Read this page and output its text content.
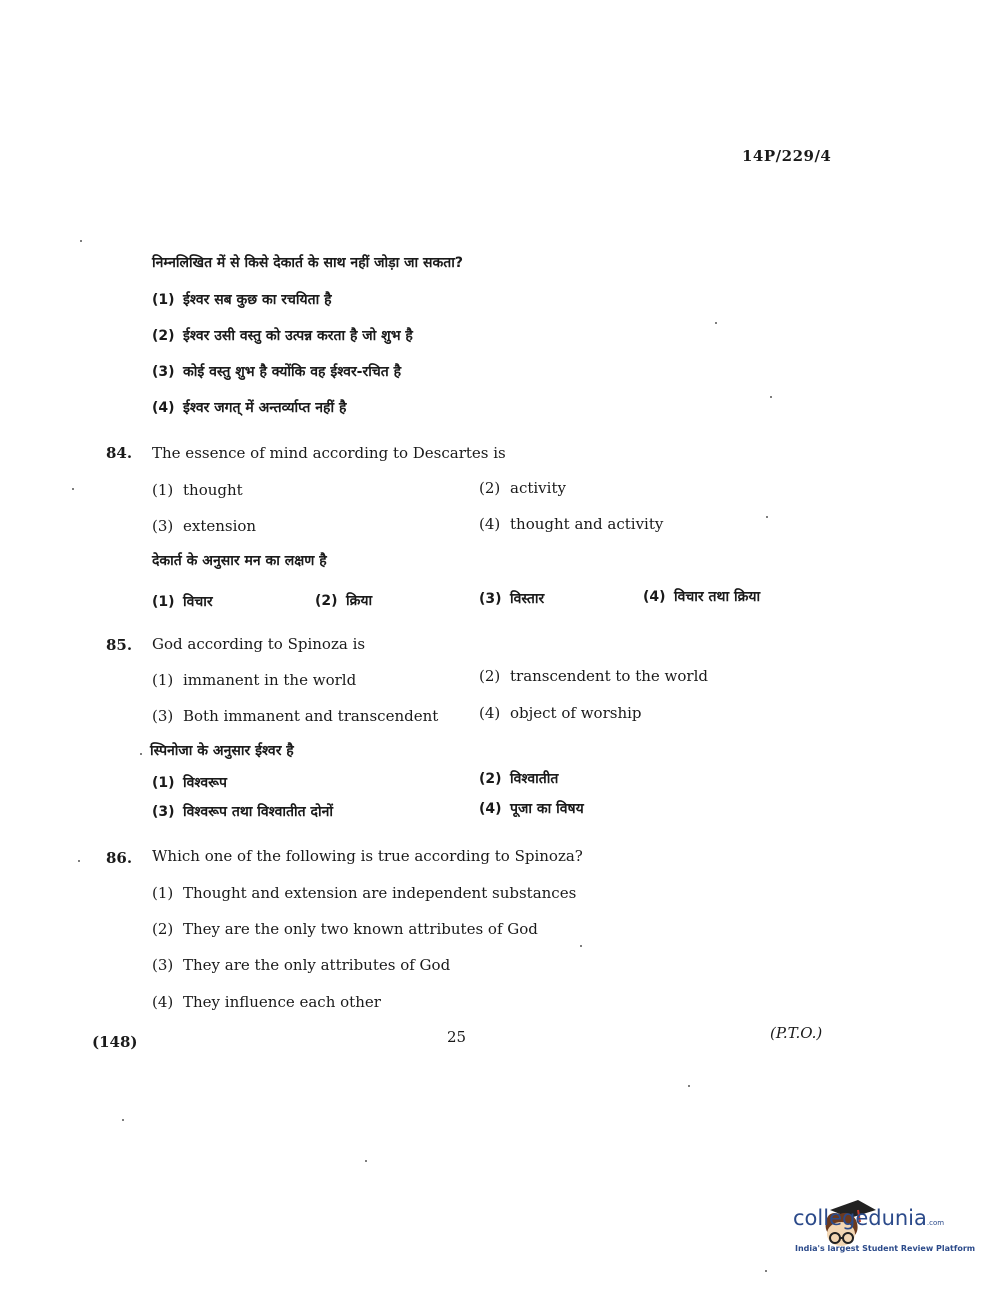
14P/229/4
निम्नलिखित में से किसे देकार्त के साथ नहीं जोड़ा जा सकता?
(1) ईश्वर सब कुछ का रचयिता है
(2) ईश्वर उसी वस्तु को उत्पन्न करता है जो शुभ है
(3) कोई वस्तु शुभ है क्योंकि वह ईश्वर-रचित है
(4) ईश्वर जगत् में अन्तर्व्याप्त नहीं है
84. The essence of mind according to Descartes is
(1) thought	(2) activity
(3) extension	(4) thought and activity
देकार्त के अनुसार मन का लक्षण है
(1) विचार	(2) क्रिया	(3) विस्तार	(4) विचार तथा क्रिया
85. God according to Spinoza is
(1) immanent in the world	(2) transcendent to the world
(3) Both immanent and transcendent	(4) object of worship
स्पिनोजा के अनुसार ईश्वर है
(1) विश्वरूप	(2) विश्वातीत
(3) विश्वरूप तथा विश्वातीत दोनों	(4) पूजा का विषय
86. Which one of the following is true according to Spinoza?
(1) Thought and extension are independent substances
(2) They are the only two known attributes of God
(3) They are the only attributes of God
(4) They influence each other
(148)	25	(P.T.O.)
collegedunia.com
India's largest Student Review Platform
